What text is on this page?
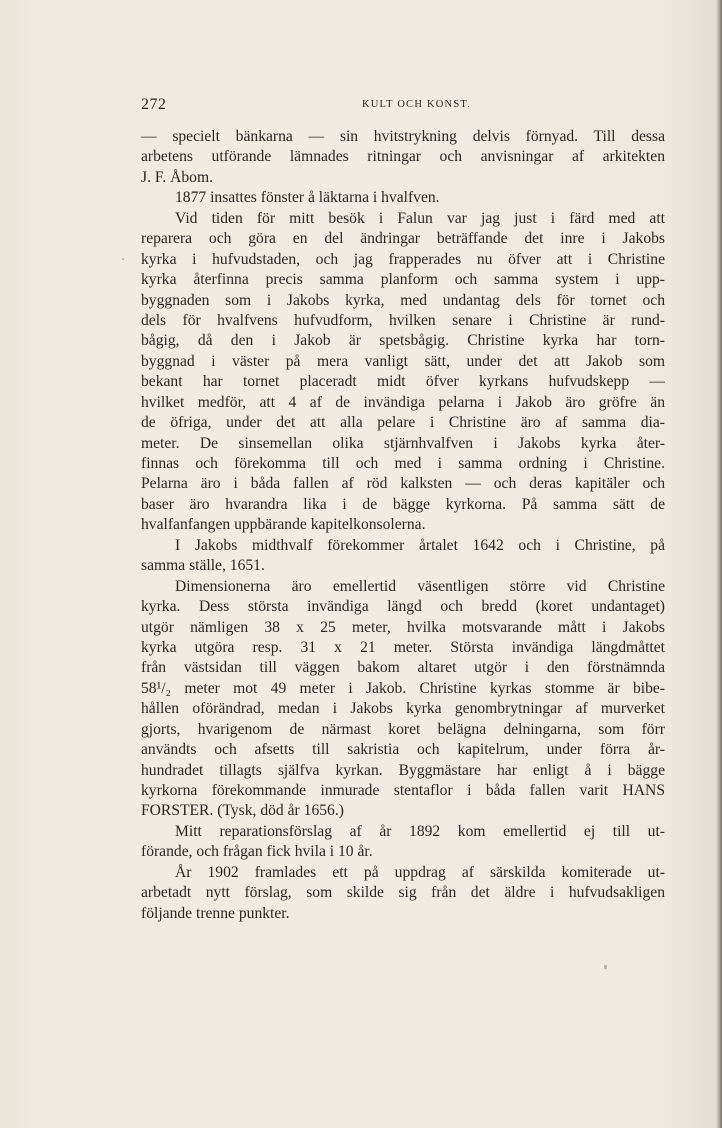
272	KULT OCH KONST.
— specielt bänkarna — sin hvitstrykning delvis förnyad. Till dessa
arbetens utförande lämnades ritningar och anvisningar af arkitekten
J. F. Åbom.
1877 insattes fönster å läktarna i hvalfven.
Vid tiden för mitt besök i Falun var jag just i färd med att
reparera och göra en del ändringar beträffande det inre i Jakobs
kyrka i hufvudstaden, och jag frapperades nu öfver att i Christine
kyrka återfinna precis samma planform och samma system i upp-
byggnaden som i Jakobs kyrka, med undantag dels för tornet och
dels för hvalfvens hufvudform, hvilken senare i Christine är rund-
bågig, då den i Jakob är spetsbågig. Christine kyrka har torn-
byggnad i väster på mera vanligt sätt, under det att Jakob som
bekant har tornet placeradt midt öfver kyrkans hufvudskepp —
hvilket medför, att 4 af de invändiga pelarna i Jakob äro gröfre än
de öfriga, under det att alla pelare i Christine äro af samma dia-
meter. De sinsemellan olika stjärnhvalfven i Jakobs kyrka åter-
finnas och förekomma till och med i samma ordning i Christine.
Pelarna äro i båda fallen af röd kalksten — och deras kapitäler och
baser äro hvarandra lika i de bägge kyrkorna. På samma sätt de
hvalfanfangen uppbärande kapitelkonsolerna.
I Jakobs midthvalf förekommer årtalet 1642 och i Christine, på
samma ställe, 1651.
Dimensionerna äro emellertid väsentligen större vid Christine
kyrka. Dess största invändiga längd och bredd (koret undantaget)
utgör nämligen 38 x 25 meter, hvilka motsvarande mått i Jakobs
kyrka utgöra resp. 31 x 21 meter. Största invändiga längdmåttet
från västsidan till väggen bakom altaret utgör i den förstnämnda
58¹/₂ meter mot 49 meter i Jakob. Christine kyrkas stomme är bibe-
hållen oförändrad, medan i Jakobs kyrka genombrytningar af murverket
gjorts, hvarigenom de närmast koret belägna delningarna, som förr
användts och afsetts till sakristia och kapitelrum, under förra år-
hundradet tillagts själfva kyrkan. Byggmästare har enligt å i bägge
kyrkorna förekommande inmurade stentaflor i båda fallen varit HANS
FORSTER. (Tysk, död år 1656.)
Mitt reparationsförslag af år 1892 kom emellertid ej till ut-
förande, och frågan fick hvila i 10 år.
År 1902 framlades ett på uppdrag af särskilda komiterade ut-
arbetadt nytt förslag, som skilde sig från det äldre i hufvudsakligen
följande trenne punkter.
